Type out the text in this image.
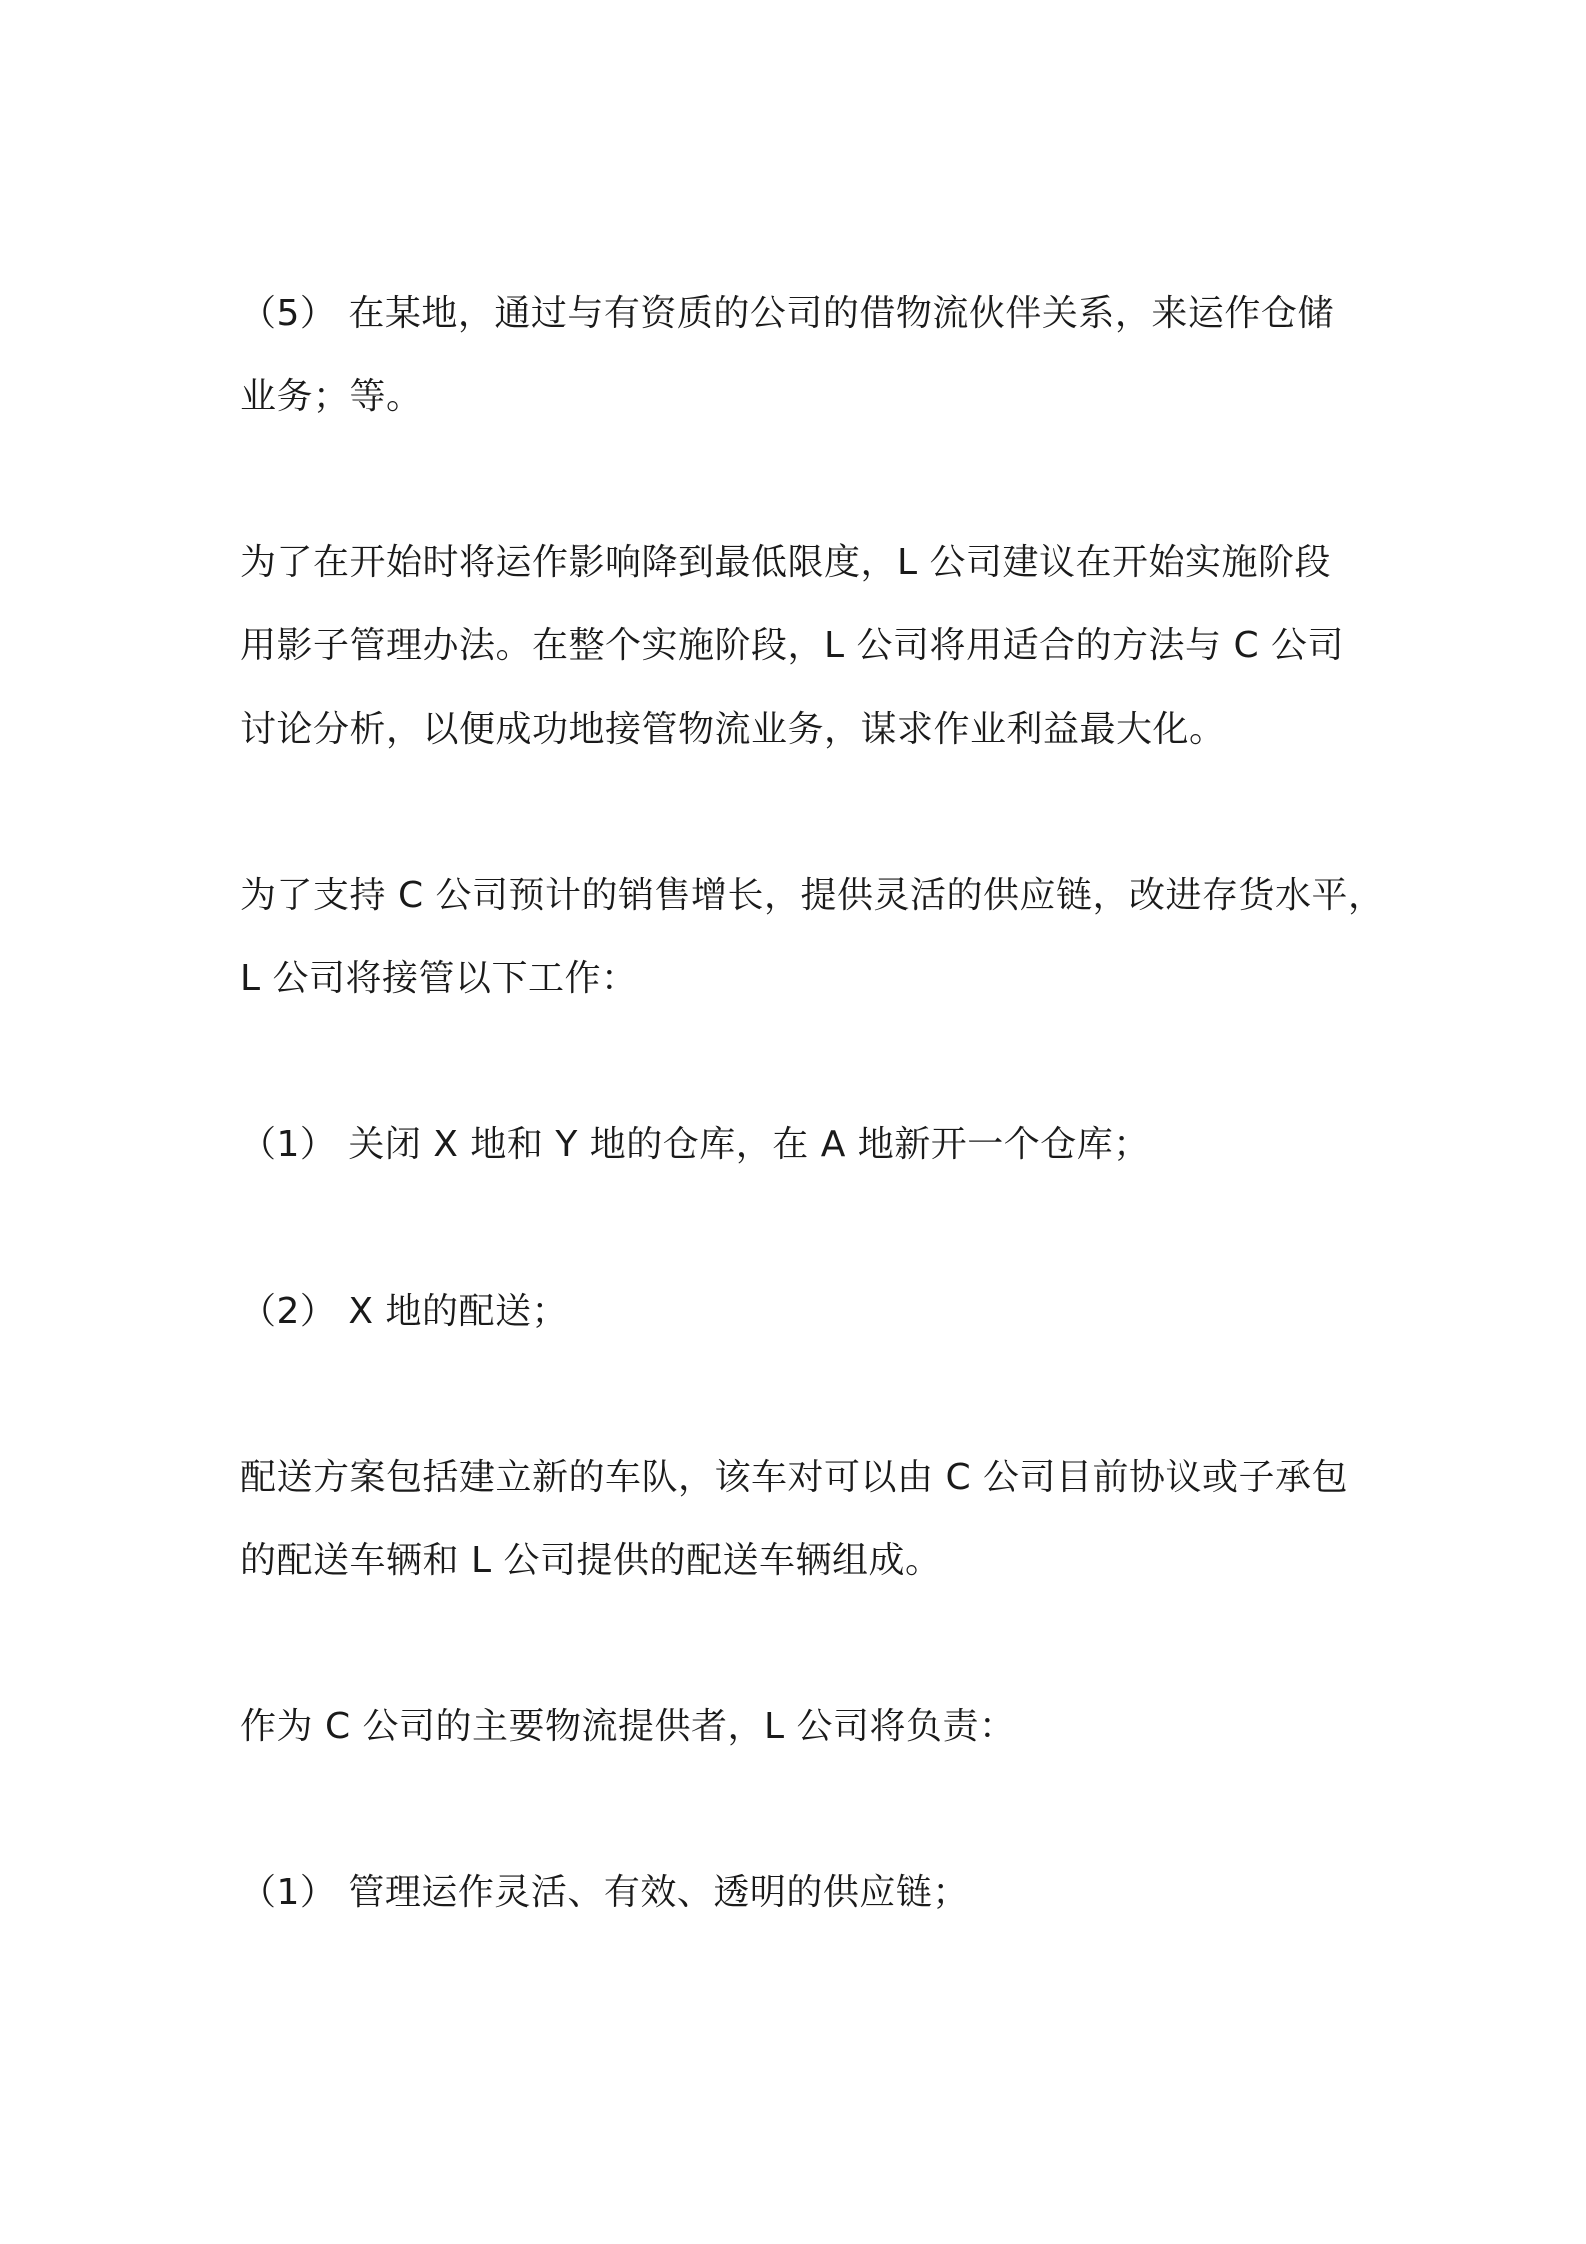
（5） 在某地，通过与有资质的公司的借物流伙伴关系，来运作仓储
业务；等。
为了在开始时将运作影响降到最低限度，L 公司建议在开始实施阶段
用影子管理办法。在整个实施阶段，L 公司将用适合的方法与 C 公司
讨论分析，以便成功地接管物流业务，谋求作业利益最大化。
为了支持 C 公司预计的销售增长，提供灵活的供应链，改进存货水平，
L 公司将接管以下工作：
（1） 关闭 X 地和 Y 地的仓库，在 A 地新开一个仓库；
（2） X 地的配送；
配送方案包括建立新的车队，该车对可以由 C 公司目前协议或子承包
的配送车辆和 L 公司提供的配送车辆组成。
作为 C 公司的主要物流提供者，L 公司将负责：
（1） 管理运作灵活、有效、透明的供应链；
